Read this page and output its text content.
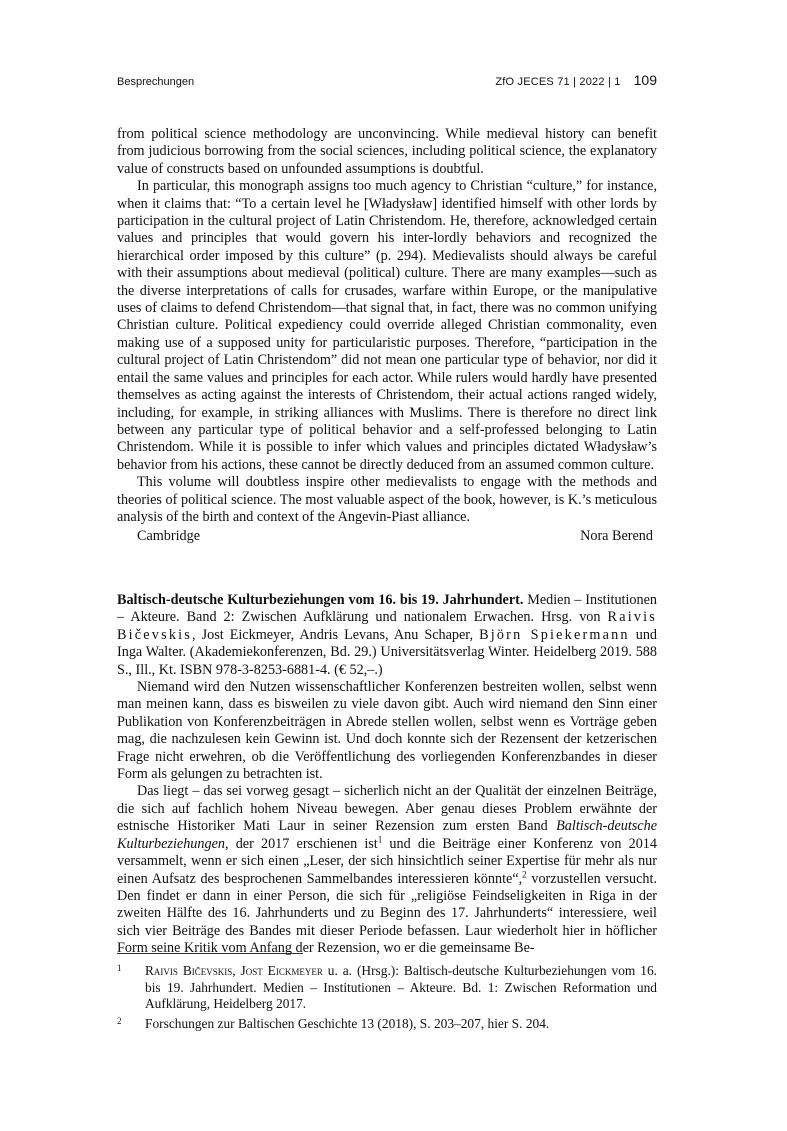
Besprechungen	ZfO JECES 71 | 2022 | 1 109

from political science methodology are unconvincing. While medieval history can benefit from judicious borrowing from the social sciences, including political science, the explanatory value of constructs based on unfounded assumptions is doubtful.

In particular, this monograph assigns too much agency to Christian “culture,” for instance, when it claims that: “To a certain level he [Władysław] identified himself with other lords by participation in the cultural project of Latin Christendom. He, therefore, acknowledged certain values and principles that would govern his inter-lordly behaviors and recognized the hierarchical order imposed by this culture” (p. 294). Medievalists should always be careful with their assumptions about medieval (political) culture. There are many examples—such as the diverse interpretations of calls for crusades, warfare within Europe, or the manipulative uses of claims to defend Christendom—that signal that, in fact, there was no common unifying Christian culture. Political expediency could override alleged Christian commonality, even making use of a supposed unity for particularistic purposes. Therefore, “participation in the cultural project of Latin Christendom” did not mean one particular type of behavior, nor did it entail the same values and principles for each actor. While rulers would hardly have presented themselves as acting against the interests of Christendom, their actual actions ranged widely, including, for example, in striking alliances with Muslims. There is therefore no direct link between any particular type of political behavior and a self-professed belonging to Latin Christendom. While it is possible to infer which values and principles dictated Władysław’s behavior from his actions, these cannot be directly deduced from an assumed common culture.

This volume will doubtless inspire other medievalists to engage with the methods and theories of political science. The most valuable aspect of the book, however, is K.’s meticulous analysis of the birth and context of the Angevin-Piast alliance.

Cambridge	Nora Berend

Baltisch-deutsche Kulturbeziehungen vom 16. bis 19. Jahrhundert. Medien – Institutionen – Akteure. Band 2: Zwischen Aufklärung und nationalem Erwachen. Hrsg. von Raivis Bičevskis, Jost Eickmeyer, Andris Levans, Anu Schaper, Björn Spiekermann und Inga Walter. (Akademiekonferenzen, Bd. 29.) Universitätsverlag Winter. Heidelberg 2019. 588 S., Ill., Kt. ISBN 978-3-8253-6881-4. (€ 52,–.)

Niemand wird den Nutzen wissenschaftlicher Konferenzen bestreiten wollen, selbst wenn man meinen kann, dass es bisweilen zu viele davon gibt. Auch wird niemand den Sinn einer Publikation von Konferenzbeiträgen in Abrede stellen wollen, selbst wenn es Vorträge geben mag, die nachzulesen kein Gewinn ist. Und doch konnte sich der Rezensent der ketzerischen Frage nicht erwehren, ob die Veröffentlichung des vorliegenden Konferenzbandes in dieser Form als gelungen zu betrachten ist.

Das liegt – das sei vorweg gesagt – sicherlich nicht an der Qualität der einzelnen Beiträge, die sich auf fachlich hohem Niveau bewegen. Aber genau dieses Problem erwähnte der estnische Historiker Mati Laur in seiner Rezension zum ersten Band Baltisch-deutsche Kulturbeziehungen, der 2017 erschienen ist$^1$ und die Beiträge einer Konferenz von 2014 versammelt, wenn er sich einen „Leser, der sich hinsichtlich seiner Expertise für mehr als nur einen Aufsatz des besprochenen Sammelbandes interessieren könnte“,$^2$ vorzustellen versucht. Den findet er dann in einer Person, die sich für „religiöse Feindseligkeiten in Riga in der zweiten Hälfte des 16. Jahrhunderts und zu Beginn des 17. Jahrhunderts“ interessiere, weil sich vier Beiträge des Bandes mit dieser Periode befassen. Laur wiederholt hier in höflicher Form seine Kritik vom Anfang der Rezension, wo er die gemeinsame Be-

1 Raivis Bičevskis, Jost Eickmeyer u. a. (Hrsg.): Baltisch-deutsche Kulturbeziehungen vom 16. bis 19. Jahrhundert. Medien – Institutionen – Akteure. Bd. 1: Zwischen Reformation und Aufklärung, Heidelberg 2017.
2 Forschungen zur Baltischen Geschichte 13 (2018), S. 203–207, hier S. 204.
